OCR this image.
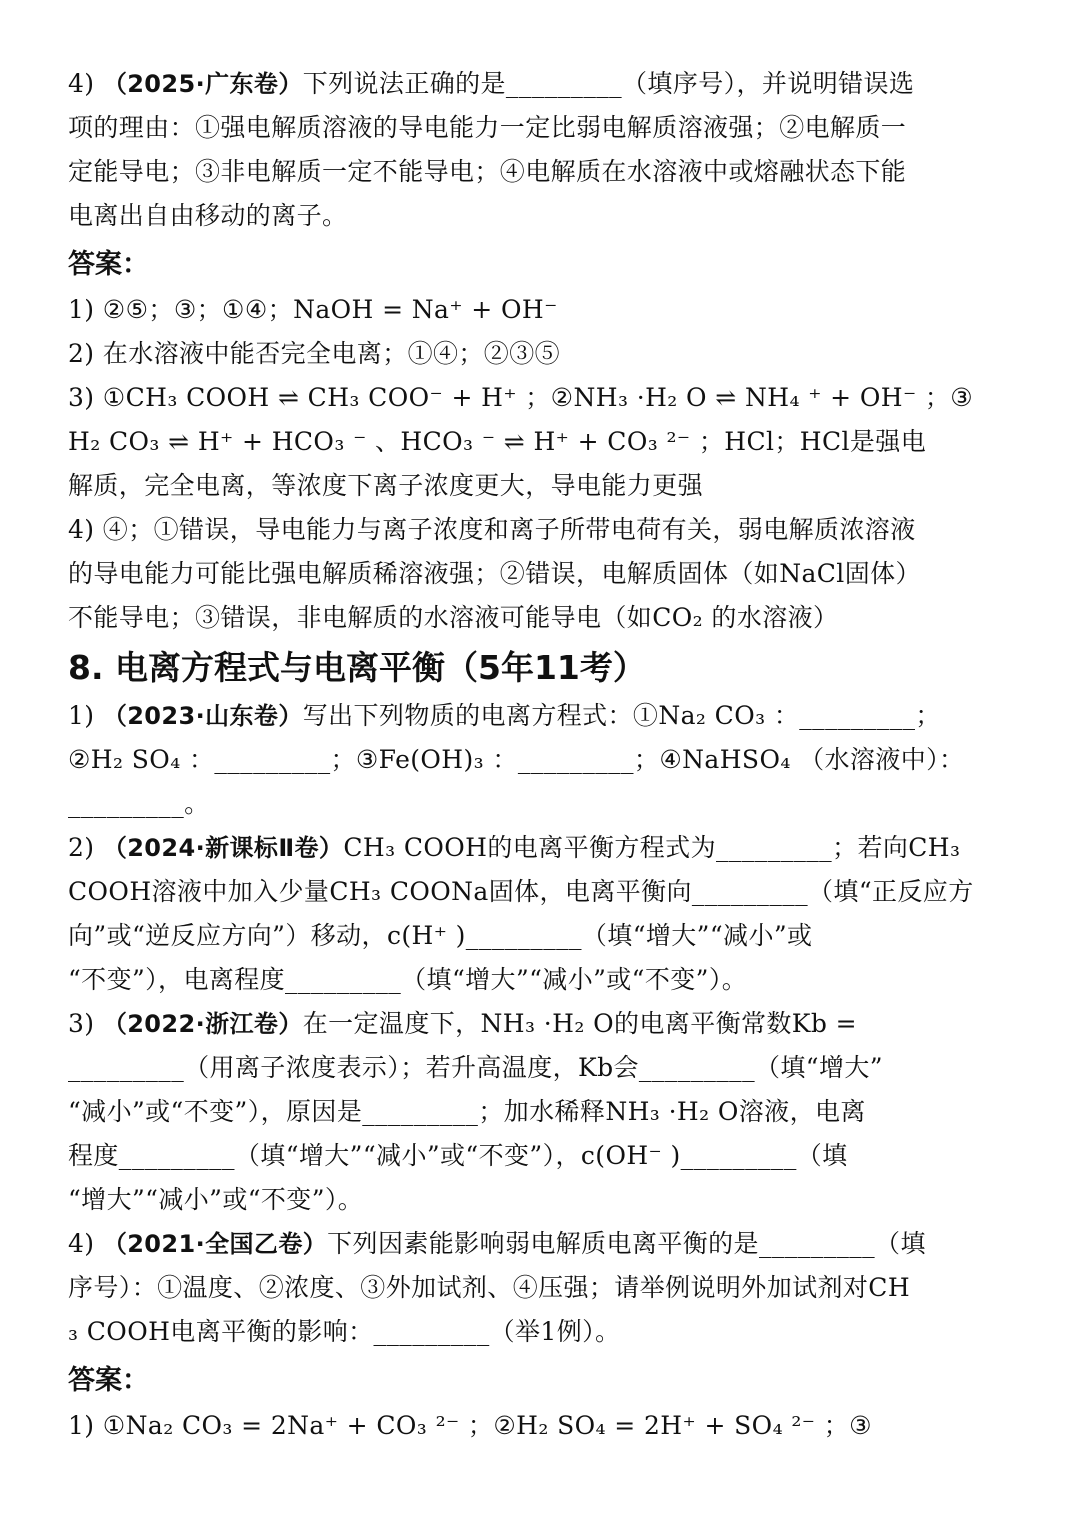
4) （2025·广东卷）下列说法正确的是_________（填序号），并说明错误选
项的理由：①强电解质溶液的导电能力一定比弱电解质溶液强；②电解质一
定能导电；③非电解质一定不能导电；④电解质在水溶液中或熔融状态下能
电离出自由移动的离子。
答案：
1) ②⑤；③；①④；NaOH = Na⁺ + OH⁻
2) 在水溶液中能否完全电离；①④；②③⑤
3) ①CH₃ COOH ⇌ CH₃ COO⁻ + H⁺ ；②NH₃ ·H₂ O ⇌ NH₄ ⁺ + OH⁻ ；③
H₂ CO₃ ⇌ H⁺ + HCO₃ ⁻ 、HCO₃ ⁻ ⇌ H⁺ + CO₃ ²⁻ ；HCl；HCl是强电
解质，完全电离，等浓度下离子浓度更大，导电能力更强
4) ④；①错误，导电能力与离子浓度和离子所带电荷有关，弱电解质浓溶液
的导电能力可能比强电解质稀溶液强；②错误，电解质固体（如NaCl固体）
不能导电；③错误，非电解质的水溶液可能导电（如CO₂ 的水溶液）
8. 电离方程式与电离平衡（5年11考）
1) （2023·山东卷）写出下列物质的电离方程式：①Na₂ CO₃ ：_________；
②H₂ SO₄ ：_________；③Fe(OH)₃ ：_________；④NaHSO₄ （水溶液中）：
_________。
2) （2024·新课标Ⅱ卷）CH₃ COOH的电离平衡方程式为_________；若向CH₃
COOH溶液中加入少量CH₃ COONa固体，电离平衡向_________（填“正反应方
向”或“逆反应方向”）移动，c(H⁺ )_________（填“增大”“减小”或
“不变”），电离程度_________（填“增大”“减小”或“不变”）。
3) （2022·浙江卷）在一定温度下，NH₃ ·H₂ O的电离平衡常数Kb =
_________（用离子浓度表示）；若升高温度，Kb会_________（填“增大”
“减小”或“不变”），原因是_________；加水稀释NH₃ ·H₂ O溶液，电离
程度_________（填“增大”“减小”或“不变”），c(OH⁻ )_________（填
“增大”“减小”或“不变”）。
4) （2021·全国乙卷）下列因素能影响弱电解质电离平衡的是_________（填
序号）：①温度、②浓度、③外加试剂、④压强；请举例说明外加试剂对CH
₃ COOH电离平衡的影响：_________（举1例）。
答案：
1) ①Na₂ CO₃ = 2Na⁺ + CO₃ ²⁻ ；②H₂ SO₄ = 2H⁺ + SO₄ ²⁻ ；③
